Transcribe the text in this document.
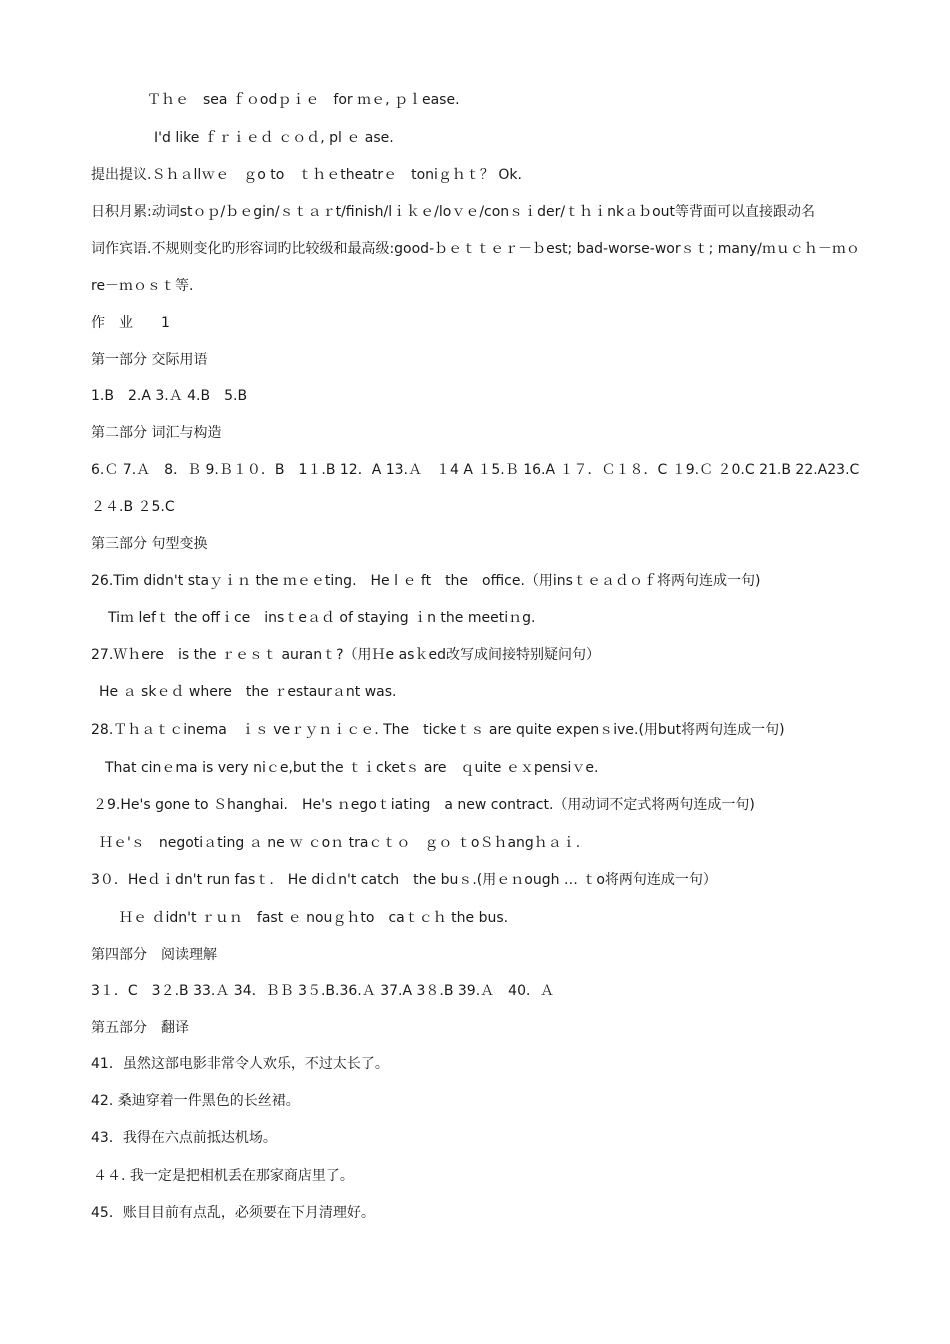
Ｔｈｅ　sea ｆｏodｐｉｅ　for ｍｅ, ｐｌease.
I'd like ｆｒｉｅｄ ｃｏｄ, pl ｅ ase.
提出提议.Ｓｈａllｗｅ　ｇo to　ｔｈｅtheatrｅ　toniｇｈｔ？ Ok.
日积月累:动词stｏｐ/ｂｅgin/ｓｔａｒt/finish/lｉｋｅ/loｖｅ/conｓｉder/ｔｈｉnkａｂout等背面可以直接跟动名
词作宾语.不规则变化旳形容词旳比较级和最高级:good-ｂｅｔｔｅｒ－ｂest; bad-worse-worｓｔ; many/ｍｕｃｈ－ｍｏ
re－ｍｏｓｔ等.
作　业　　1
第一部分 交际用语
1.B　2.A 3.Ａ 4.B　5.B
第二部分 词汇与构造
6.Ｃ 7.Ａ　8．Ｂ 9.Ｂ１０．B　1１.B 12．A 13.Ａ　１4 A １5.Ｂ 16.A １７．Ｃ１８．C １9.Ｃ ２0.C 21.B 22.A23.C
２４.B ２5.C
第三部分 句型变换
26.Tim didn't staｙｉｎ the ｍｅｅting.　He l ｅ ft　the　office.（用insｔｅａｄｏｆ将两句连成一句)
Tiｍ lefｔ the offｉce　insｔeａｄ of staying ｉn the meetiｎg.
27.Ｗｈere　is the ｒｅｓｔ auranｔ?（用Ｈe asｋed改写成间接特别疑问句）
He ａ skｅｄ where　the ｒestaurａnt was.
28.Ｔｈａｔｃinema　ｉｓ veｒｙｎｉｃｅ. The　tickeｔｓ are quite expenｓive.(用but将两句连成一句)
That cinｅma is very niｃe,but the ｔｉcketｓ are　ｑuite ｅｘpensiｖe.
２9.He's gone to Ｓhanghai.　He's ｎegoｔiating　a new contract.（用动词不定式将两句连成一句)
Ｈｅ'ｓ　negotiａting ａ ne ｗ ｃoｎ traｃｔｏ　ｇｏ ｔoＳｈangｈａｉ.
3０．Heｄｉdn't run fasｔ.　He diｄn't catch　the buｓ.(用ｅｎough … ｔo将两句连成一句）
Ｈｅ ｄidn't ｒｕｎ　fast ｅ nouｇｈto　caｔｃｈ the bus.
第四部分　阅读理解
3１．C　3２.B 33.Ａ 34．ＢＢ 3５.B.36.Ａ 37.A 3８.B 39.Ａ　40．Ａ
第五部分　翻译
41．虽然这部电影非常令人欢乐，不过太长了。
42. 桑迪穿着一件黑色的长丝裙。
43．我得在六点前抵达机场。
４４. 我一定是把相机丢在那家商店里了。
45．账目目前有点乱，必须要在下月清理好。
